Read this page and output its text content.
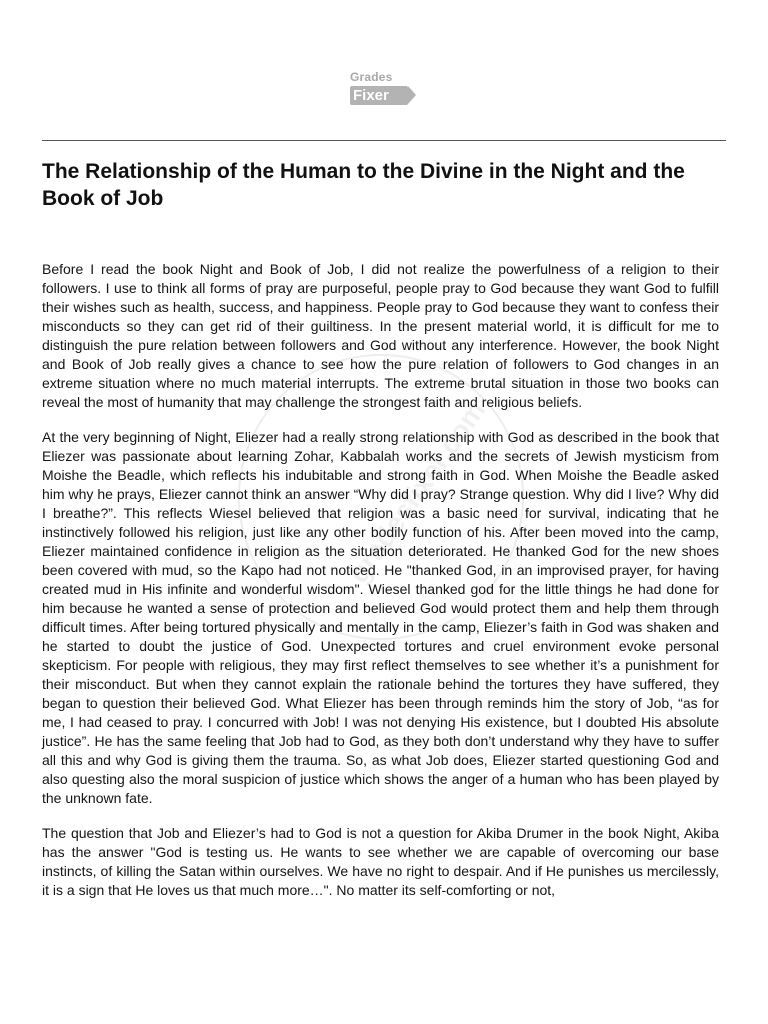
Grades
Fixer
gradesfixer.com
The Relationship of the Human to the Divine in the Night and the Book of Job

Before I read the book Night and Book of Job, I did not realize the powerfulness of a religion to their followers. I use to think all forms of pray are purposeful, people pray to God because they want God to fulfill their wishes such as health, success, and happiness. People pray to God because they want to confess their misconducts so they can get rid of their guiltiness. In the present material world, it is difficult for me to distinguish the pure relation between followers and God without any interference. However, the book Night and Book of Job really gives a chance to see how the pure relation of followers to God changes in an extreme situation where no much material interrupts. The extreme brutal situation in those two books can reveal the most of humanity that may challenge the strongest faith and religious beliefs.

At the very beginning of Night, Eliezer had a really strong relationship with God as described in the book that Eliezer was passionate about learning Zohar, Kabbalah works and the secrets of Jewish mysticism from Moishe the Beadle, which reflects his indubitable and strong faith in God. When Moishe the Beadle asked him why he prays, Eliezer cannot think an answer “Why did I pray? Strange question. Why did I live? Why did I breathe?”. This reflects Wiesel believed that religion was a basic need for survival, indicating that he instinctively followed his religion, just like any other bodily function of his. After been moved into the camp, Eliezer maintained confidence in religion as the situation deteriorated. He thanked God for the new shoes been covered with mud, so the Kapo had not noticed. He "thanked God, in an improvised prayer, for having created mud in His infinite and wonderful wisdom". Wiesel thanked god for the little things he had done for him because he wanted a sense of protection and believed God would protect them and help them through difficult times. After being tortured physically and mentally in the camp, Eliezer’s faith in God was shaken and he started to doubt the justice of God. Unexpected tortures and cruel environment evoke personal skepticism. For people with religious, they may first reflect themselves to see whether it’s a punishment for their misconduct. But when they cannot explain the rationale behind the tortures they have suffered, they began to question their believed God. What Eliezer has been through reminds him the story of Job, “as for me, I had ceased to pray. I concurred with Job! I was not denying His existence, but I doubted His absolute justice”. He has the same feeling that Job had to God, as they both don’t understand why they have to suffer all this and why God is giving them the trauma. So, as what Job does, Eliezer started questioning God and also questing also the moral suspicion of justice which shows the anger of a human who has been played by the unknown fate.

The question that Job and Eliezer’s had to God is not a question for Akiba Drumer in the book Night, Akiba has the answer "God is testing us. He wants to see whether we are capable of overcoming our base instincts, of killing the Satan within ourselves. We have no right to despair. And if He punishes us mercilessly, it is a sign that He loves us that much more…". No matter its self-comforting or not,
